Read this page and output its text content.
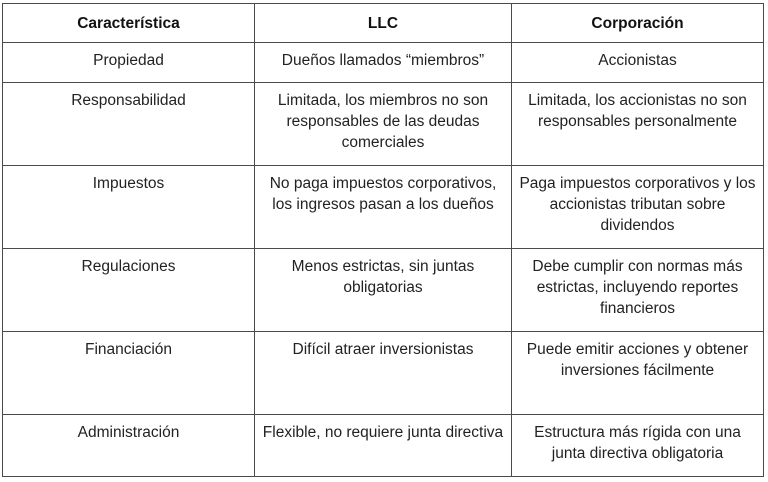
Característica	LLC	Corporación
Propiedad	Dueños llamados “miembros”	Accionistas
Responsabilidad	Limitada, los miembros no son responsables de las deudas comerciales	Limitada, los accionistas no son responsables personalmente
Impuestos	No paga impuestos corporativos, los ingresos pasan a los dueños	Paga impuestos corporativos y los accionistas tributan sobre dividendos
Regulaciones	Menos estrictas, sin juntas obligatorias	Debe cumplir con normas más estrictas, incluyendo reportes financieros
Financiación	Difícil atraer inversionistas	Puede emitir acciones y obtener inversiones fácilmente
Administración	Flexible, no requiere junta directiva	Estructura más rígida con una junta directiva obligatoria
